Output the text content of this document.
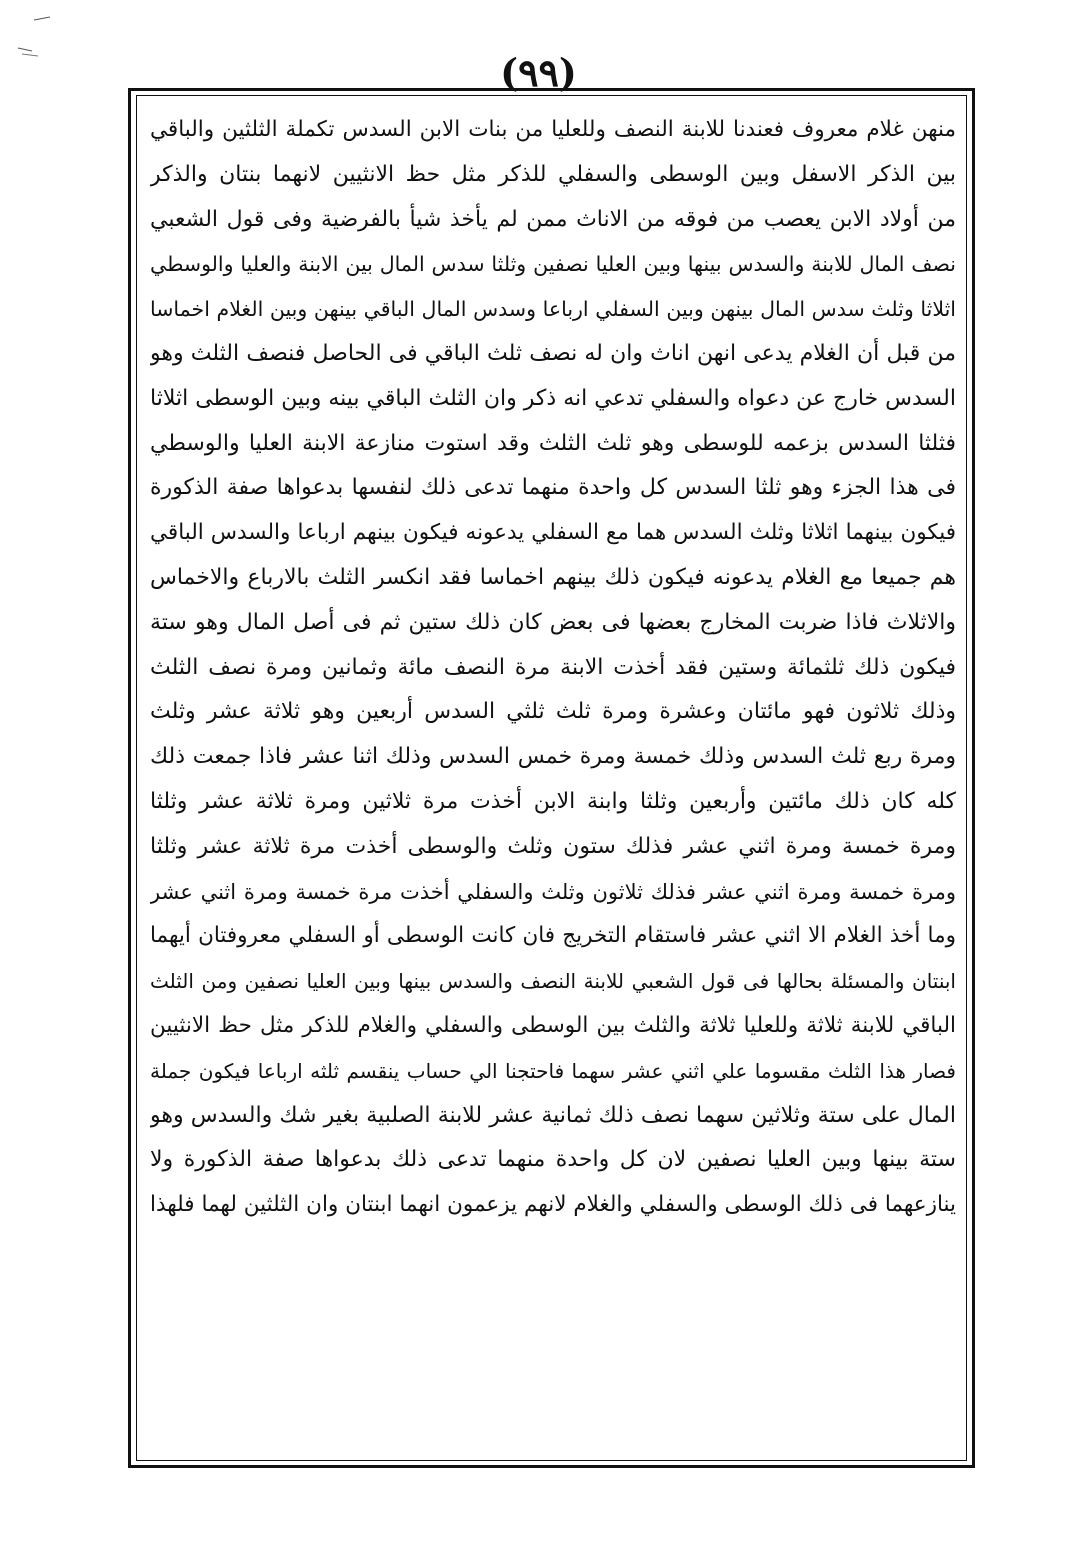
(٩٩)
منهن غلام معروف فعندنا للابنة النصف وللعليا من بنات الابن السدس تكملة الثلثين والباقي
بين الذكر الاسفل وبين الوسطى والسفلي للذكر مثل حظ الانثيين لانهما بنتان والذكر
من أولاد الابن يعصب من فوقه من الاناث ممن لم يأخذ شيأ بالفرضية وفى قول الشعبي
نصف المال للابنة والسدس بينها وبين العليا نصفين وثلثا سدس المال بين الابنة والعليا والوسطي
اثلاثا وثلث سدس المال بينهن وبين السفلي ارباعا وسدس المال الباقي بينهن وبين الغلام اخماسا
من قبل أن الغلام يدعى انهن اناث وان له نصف ثلث الباقي فى الحاصل فنصف الثلث وهو
السدس خارج عن دعواه والسفلي تدعي انه ذكر وان الثلث الباقي بينه وبين الوسطى اثلاثا
فثلثا السدس بزعمه للوسطى وهو ثلث الثلث وقد استوت منازعة الابنة العليا والوسطي
فى هذا الجزء وهو ثلثا السدس كل واحدة منهما تدعى ذلك لنفسها بدعواها صفة الذكورة
فيكون بينهما اثلاثا وثلث السدس هما مع السفلي يدعونه فيكون بينهم ارباعا والسدس الباقي
هم جميعا مع الغلام يدعونه فيكون ذلك بينهم اخماسا فقد انكسر الثلث بالارباع والاخماس
والاثلاث فاذا ضربت المخارج بعضها فى بعض كان ذلك ستين ثم فى أصل المال وهو ستة
فيكون ذلك ثلثمائة وستين فقد أخذت الابنة مرة النصف مائة وثمانين ومرة نصف الثلث
وذلك ثلاثون فهو مائتان وعشرة ومرة ثلث ثلثي السدس أربعين وهو ثلاثة عشر وثلث
ومرة ربع ثلث السدس وذلك خمسة ومرة خمس السدس وذلك اثنا عشر فاذا جمعت ذلك
كله كان ذلك مائتين وأربعين وثلثا وابنة الابن أخذت مرة ثلاثين ومرة ثلاثة عشر وثلثا
ومرة خمسة ومرة اثني عشر فذلك ستون وثلث والوسطى أخذت مرة ثلاثة عشر وثلثا
ومرة خمسة ومرة اثني عشر فذلك ثلاثون وثلث والسفلي أخذت مرة خمسة ومرة اثني عشر
وما أخذ الغلام الا اثني عشر فاستقام التخريج فان كانت الوسطى أو السفلي معروفتان أيهما
ابنتان والمسئلة بحالها فى قول الشعبي للابنة النصف والسدس بينها وبين العليا نصفين ومن الثلث
الباقي للابنة ثلاثة وللعليا ثلاثة والثلث بين الوسطى والسفلي والغلام للذكر مثل حظ الانثيين
فصار هذا الثلث مقسوما علي اثني عشر سهما فاحتجنا الي حساب ينقسم ثلثه ارباعا فيكون جملة
المال على ستة وثلاثين سهما نصف ذلك ثمانية عشر للابنة الصلبية بغير شك والسدس وهو
ستة بينها وبين العليا نصفين لان كل واحدة منهما تدعى ذلك بدعواها صفة الذكورة ولا
ينازعهما فى ذلك الوسطى والسفلي والغلام لانهم يزعمون انهما ابنتان وان الثلثين لهما فلهذا
